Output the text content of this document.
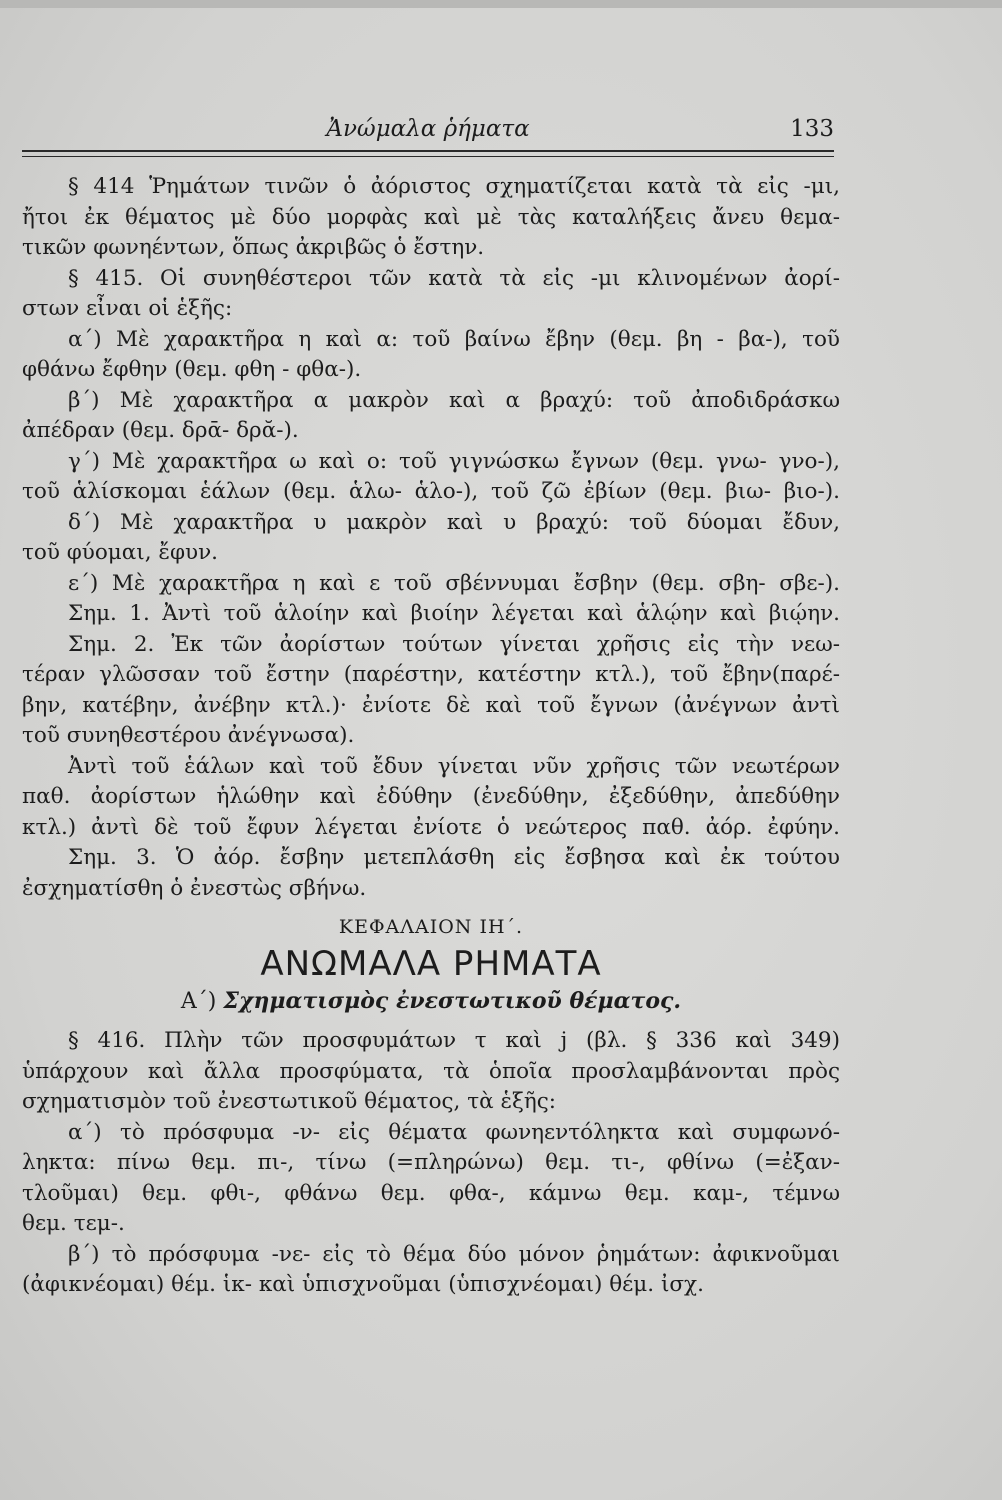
Ἀνώμαλα ῥήματα	133
§ 414 Ῥημάτων τινῶν ὁ ἀόριστος σχηματίζεται κατὰ τὰ εἰς -μι,
ἤτοι ἐκ θέματος μὲ δύο μορφὰς καὶ μὲ τὰς καταλήξεις ἄνευ θεμα-
τικῶν φωνηέντων, ὅπως ἀκριβῶς ὁ ἔστην.
§ 415. Οἱ συνηθέστεροι τῶν κατὰ τὰ εἰς -μι κλινομένων ἀορί-
στων εἶναι οἱ ἑξῆς:
α΄) Μὲ χαρακτῆρα η καὶ α: τοῦ βαίνω ἔβην (θεμ. βη - βα-), τοῦ
φθάνω ἔφθην (θεμ. φθη - φθα-).
β΄) Μὲ χαρακτῆρα α μακρὸν καὶ α βραχύ: τοῦ ἀποδιδράσκω
ἀπέδραν (θεμ. δρᾱ- δρᾰ-).
γ΄) Μὲ χαρακτῆρα ω καὶ ο: τοῦ γιγνώσκω ἔγνων (θεμ. γνω- γνο-),
τοῦ ἁλίσκομαι ἑάλων (θεμ. ἁλω- ἁλο-), τοῦ ζῶ ἐβίων (θεμ. βιω- βιο-).
δ΄) Μὲ χαρακτῆρα υ μακρὸν καὶ υ βραχύ: τοῦ δύομαι ἔδυν,
τοῦ φύομαι, ἔφυν.
ε΄) Μὲ χαρακτῆρα η καὶ ε τοῦ σβέννυμαι ἔσβην (θεμ. σβη- σβε-).
Σημ. 1. Ἀντὶ τοῦ ἁλοίην καὶ βιοίην λέγεται καὶ ἁλῴην καὶ βιῴην.
Σημ. 2. Ἐκ τῶν ἀορίστων τούτων γίνεται χρῆσις εἰς τὴν νεω-
τέραν γλῶσσαν τοῦ ἔστην (παρέστην, κατέστην κτλ.), τοῦ ἔβην(παρέ-
βην, κατέβην, ἀνέβην κτλ.)· ἐνίοτε δὲ καὶ τοῦ ἔγνων (ἀνέγνων ἀντὶ
τοῦ συνηθεστέρου ἀνέγνωσα).
Ἀντὶ τοῦ ἑάλων καὶ τοῦ ἔδυν γίνεται νῦν χρῆσις τῶν νεωτέρων
παθ. ἀορίστων ἡλώθην καὶ ἐδύθην (ἐνεδύθην, ἐξεδύθην, ἀπεδύθην
κτλ.) ἀντὶ δὲ τοῦ ἔφυν λέγεται ἐνίοτε ὁ νεώτερος παθ. ἀόρ. ἐφύην.
Σημ. 3. Ὁ ἀόρ. ἔσβην μετεπλάσθη εἰς ἔσβησα καὶ ἐκ τούτου
ἐσχηματίσθη ὁ ἐνεστὼς σβήνω.
ΚΕΦΑΛΑΙΟΝ ΙΗ΄.
ΑΝΩΜΑΛΑ ΡΗΜΑΤΑ
Α΄) Σχηματισμὸς ἐνεστωτικοῦ θέματος.
§ 416. Πλὴν τῶν προσφυμάτων τ καὶ j (βλ. § 336 καὶ 349)
ὑπάρχουν καὶ ἄλλα προσφύματα, τὰ ὁποῖα προσλαμβάνονται πρὸς
σχηματισμὸν τοῦ ἐνεστωτικοῦ θέματος, τὰ ἑξῆς:
α΄) τὸ πρόσφυμα -ν- εἰς θέματα φωνηεντόληκτα καὶ συμφωνό-
ληκτα: πίνω θεμ. πι-, τίνω (=πληρώνω) θεμ. τι-, φθίνω (=ἐξαν-
τλοῦμαι) θεμ. φθι-, φθάνω θεμ. φθα-, κάμνω θεμ. καμ-, τέμνω
θεμ. τεμ-.
β΄) τὸ πρόσφυμα -νε- εἰς τὸ θέμα δύο μόνον ῥημάτων: ἀφικνοῦμαι
(ἀφικνέομαι) θέμ. ἱκ- καὶ ὑπισχνοῦμαι (ὑπισχνέομαι) θέμ. ἰσχ.
